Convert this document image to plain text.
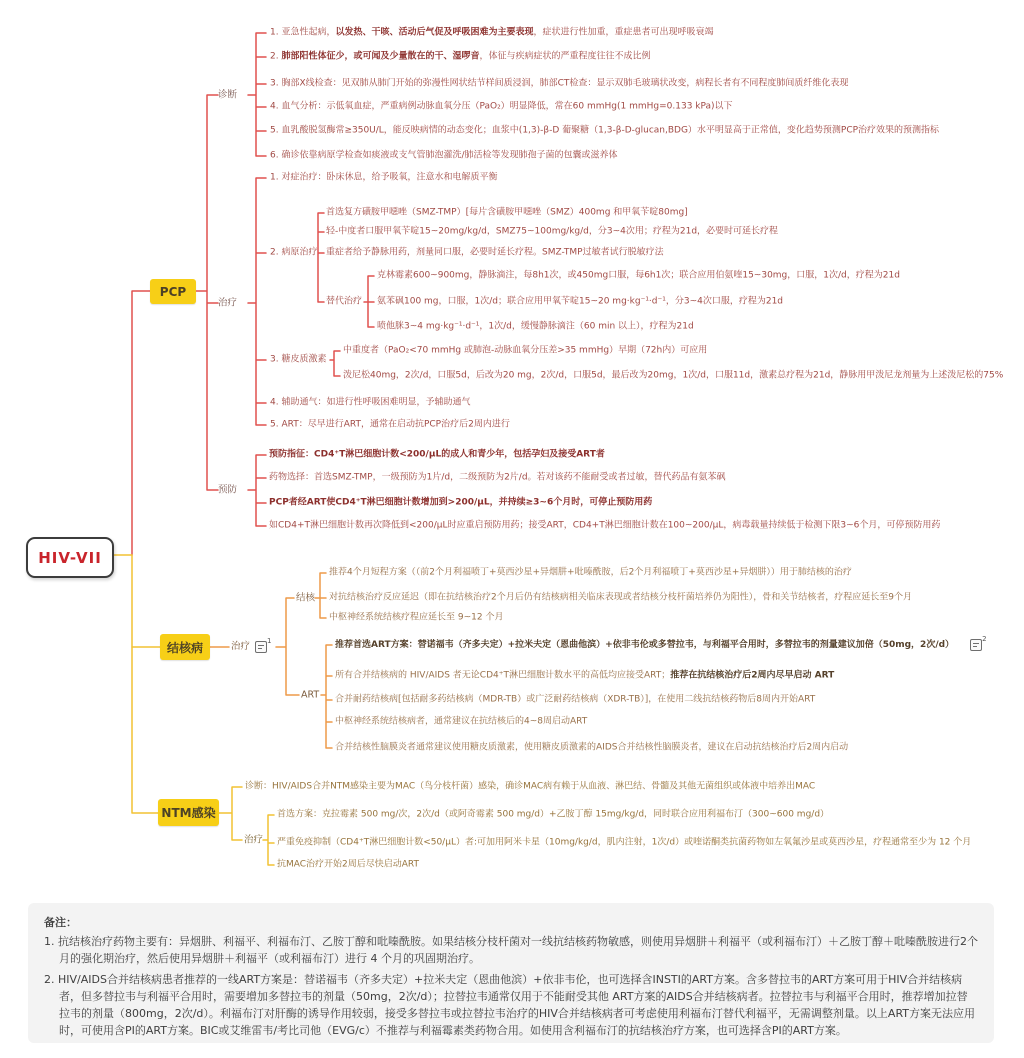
HIV-VII
PCP
结核病
NTM感染
诊断
治疗
预防
1. 亚急性起病，以发热、干咳、活动后气促及呼吸困难为主要表现，症状进行性加重，重症患者可出现呼吸衰竭
2. 肺部阳性体征少，或可闻及少量散在的干、湿啰音，体征与疾病症状的严重程度往往不成比例
3. 胸部X线检查：见双肺从肺门开始的弥漫性网状结节样间质浸润，肺部CT检查：显示双肺毛玻璃状改变，病程长者有不同程度肺间质纤维化表现
4. 血气分析：示低氧血症，严重病例动脉血氧分压（PaO₂）明显降低，常在60 mmHg(1 mmHg=0.133 kPa)以下
5. 血乳酸脱氢酶常≥350U/L，能反映病情的动态变化；血浆中(1,3)-β-D 葡聚糖（1,3-β-D-glucan,BDG）水平明显高于正常值，变化趋势预测PCP治疗效果的预测指标
6. 确诊依靠病原学检查如痰液或支气管肺泡灌洗/肺活检等发现肺孢子菌的包囊或滋养体
1. 对症治疗：卧床休息，给予吸氧，注意水和电解质平衡
2. 病原治疗
首选复方磺胺甲噁唑（SMZ-TMP）[每片含磺胺甲噁唑（SMZ）400mg 和甲氧苄啶80mg]
轻-中度者口服甲氧苄啶15~20mg/kg/d，SMZ75~100mg/kg/d，分3~4次用；疗程为21d，必要时可延长疗程
重症者给予静脉用药，剂量同口服，必要时延长疗程。SMZ-TMP过敏者试行脱敏疗法
替代治疗
克林霉素600~900mg，静脉滴注，每8h1次，或450mg口服，每6h1次；联合应用伯氨喹15~30mg，口服，1次/d，疗程为21d
氨苯砜100 mg，口服，1次/d；联合应用甲氧苄啶15~20 mg·kg⁻¹·d⁻¹，分3~4次口服，疗程为21d
喷他脒3~4 mg·kg⁻¹·d⁻¹，1次/d，缓慢静脉滴注（60 min 以上），疗程为21d
3. 糖皮质激素
中重度者（PaO₂<70 mmHg 或肺泡-动脉血氧分压差>35 mmHg）早期（72h内）可应用
泼尼松40mg，2次/d，口服5d，后改为20 mg，2次/d，口服5d，最后改为20mg，1次/d，口服11d，激素总疗程为21d，静脉用甲泼尼龙剂量为上述泼尼松的75%
4. 辅助通气：如进行性呼吸困难明显，予辅助通气
5. ART：尽早进行ART，通常在启动抗PCP治疗后2周内进行
预防指征：CD4⁺T淋巴细胞计数<200/μL的成人和青少年，包括孕妇及接受ART者
药物选择：首选SMZ-TMP，一级预防为1片/d，二级预防为2片/d。若对该药不能耐受或者过敏，替代药品有氨苯砜
PCP者经ART使CD4⁺T淋巴细胞计数增加到>200/μL，并持续≥3~6个月时，可停止预防用药
如CD4+T淋巴细胞计数再次降低到<200/μL时应重启预防用药；接受ART，CD4+T淋巴细胞计数在100~200/μL，病毒载量持续低于检测下限3~6个月，可停预防用药
治疗
$^1$
结核
推荐4个月短程方案（（前2个月利福喷丁+莫西沙星+异烟肼+吡嗪酰胺，后2个月利福喷丁+莫西沙星+异烟肼））用于肺结核的治疗
对抗结核治疗反应延迟（即在抗结核治疗2个月后仍有结核病相关临床表现或者结核分枝杆菌培养仍为阳性），骨和关节结核者，疗程应延长至9个月
中枢神经系统结核疗程应延长至 9~12 个月
ART
推荐首选ART方案：替诺福韦（齐多夫定）+拉米夫定（恩曲他滨）+依非韦伦或多替拉韦，与利福平合用时，多替拉韦的剂量建议加倍（50mg，2次/d）
$^2$
所有合并结核病的 HIV/AIDS 者无论CD4⁺T淋巴细胞计数水平的高低均应接受ART；推荐在抗结核治疗后2周内尽早启动 ART
合并耐药结核病[包括耐多药结核病（MDR-TB）或广泛耐药结核病（XDR-TB）]，在使用二线抗结核药物后8周内开始ART
中枢神经系统结核病者，通常建议在抗结核后的4~8周启动ART
合并结核性脑膜炎者通常建议使用糖皮质激素，使用糖皮质激素的AIDS合并结核性脑膜炎者，建议在启动抗结核治疗后2周内启动
诊断：HIV/AIDS合并NTM感染主要为MAC（鸟分枝杆菌）感染，确诊MAC病有赖于从血液、淋巴结、骨髓及其他无菌组织或体液中培养出MAC
治疗
首选方案：克拉霉素 500 mg/次，2次/d（或阿奇霉素 500 mg/d）+乙胺丁醇 15mg/kg/d，同时联合应用利福布汀（300~600 mg/d）
严重免疫抑制（CD4⁺T淋巴细胞计数<50/μL）者:可加用阿米卡星（10mg/kg/d，肌内注射，1次/d）或喹诺酮类抗菌药物如左氧氟沙星或莫西沙星，疗程通常至少为 12 个月
抗MAC治疗开始2周后尽快启动ART
备注：
1. 抗结核治疗药物主要有：异烟肼、利福平、利福布汀、乙胺丁醇和吡嗪酰胺。如果结核分枝杆菌对一线抗结核药物敏感，则使用异烟肼＋利福平（或利福布汀）＋乙胺丁醇＋吡嗪酰胺进行2个月的强化期治疗，然后使用异烟肼＋利福平（或利福布汀）进行 4 个月的巩固期治疗。
2. HIV/AIDS合并结核病患者推荐的一线ART方案是：替诺福韦（齐多夫定）+拉米夫定（恩曲他滨）+依非韦伦，也可选择含INSTI的ART方案。含多替拉韦的ART方案可用于HIV合并结核病者，但多替拉韦与利福平合用时，需要增加多替拉韦的剂量（50mg，2次/d）；拉替拉韦通常仅用于不能耐受其他 ART方案的AIDS合并结核病者。拉替拉韦与利福平合用时，推荐增加拉替拉韦的剂量（800mg，2次/d）。利福布汀对肝酶的诱导作用较弱，接受多替拉韦或拉替拉韦治疗的HIV合并结核病者可考虑使用利福布汀替代利福平，无需调整剂量。以上ART方案无法应用时，可使用含PI的ART方案。BIC或艾维雷韦/考比司他（EVG/c）不推荐与利福霉素类药物合用。如使用含利福布汀的抗结核治疗方案，也可选择含PI的ART方案。
